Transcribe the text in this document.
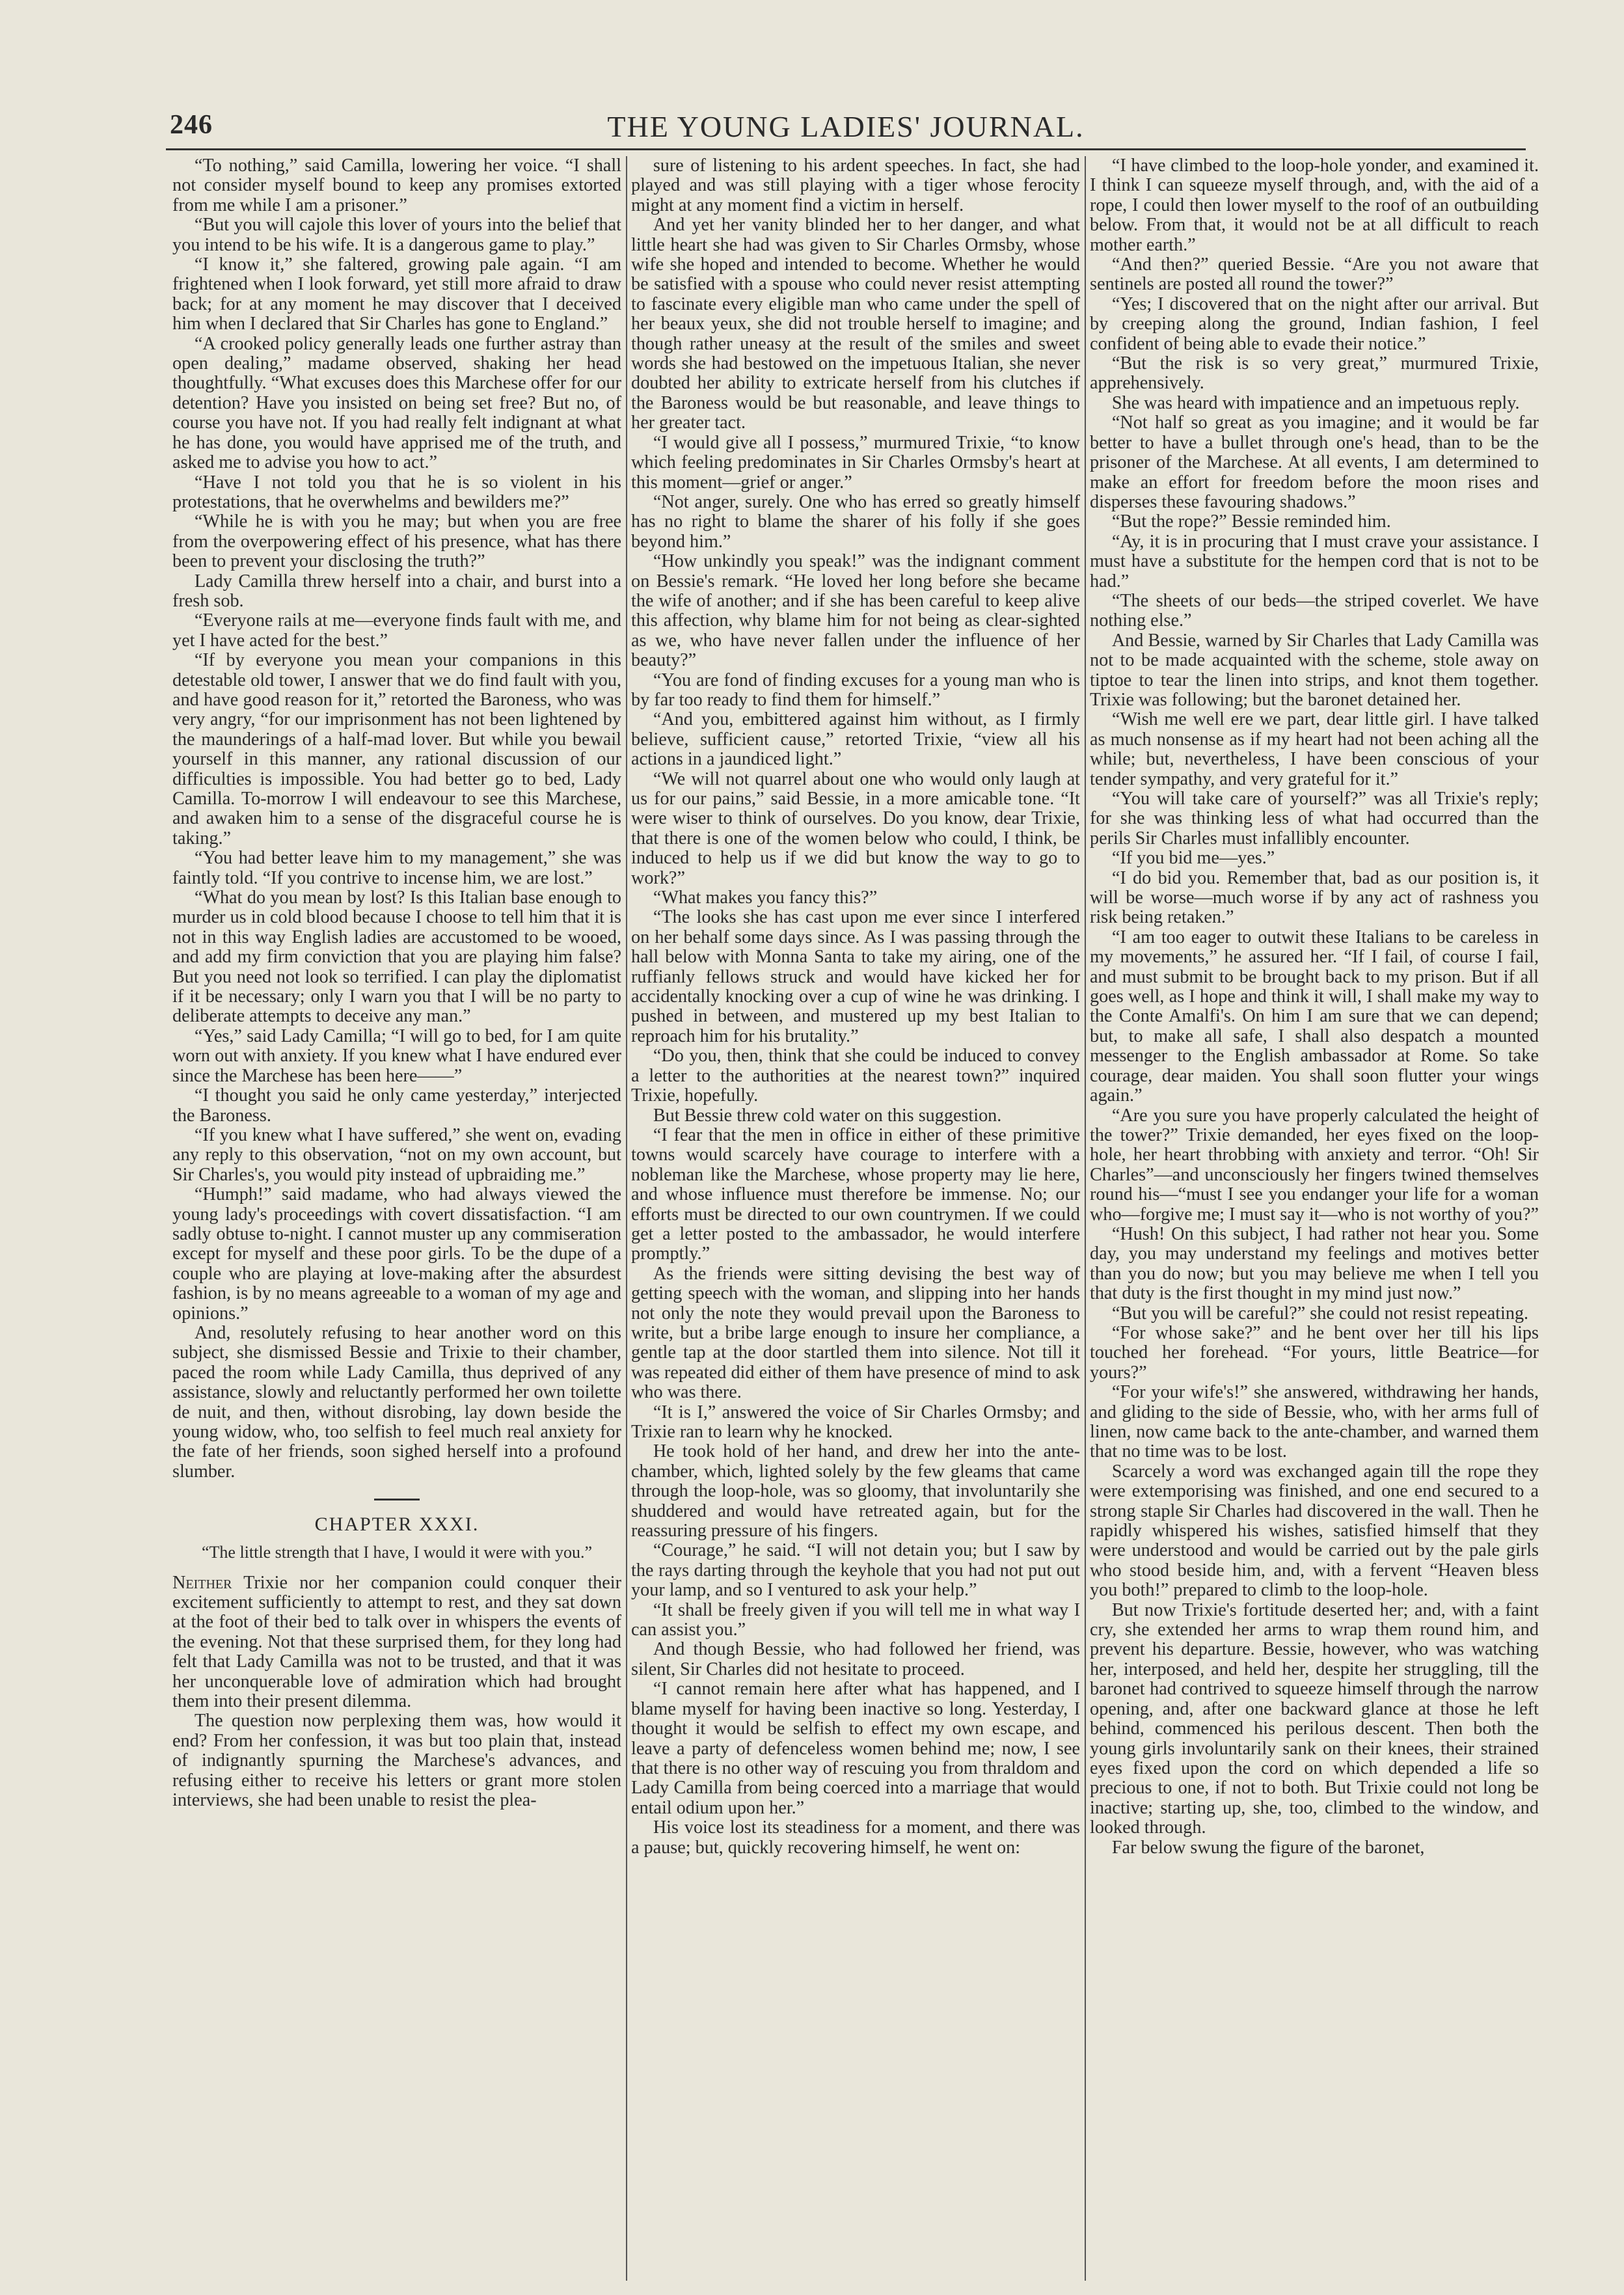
246	THE YOUNG LADIES' JOURNAL.

“To nothing,” said Camilla, lowering her voice. “I shall not consider myself bound to keep any promises extorted from me while I am a prisoner.”

“But you will cajole this lover of yours into the belief that you intend to be his wife. It is a dangerous game to play.”

“I know it,” she faltered, growing pale again. “I am frightened when I look forward, yet still more afraid to draw back; for at any moment he may discover that I deceived him when I declared that Sir Charles has gone to England.”

“A crooked policy generally leads one further astray than open dealing,” madame observed, shaking her head thoughtfully. “What excuses does this Marchese offer for our detention? Have you insisted on being set free? But no, of course you have not. If you had really felt indignant at what he has done, you would have apprised me of the truth, and asked me to advise you how to act.”

“Have I not told you that he is so violent in his protestations, that he overwhelms and bewilders me?”

“While he is with you he may; but when you are free from the overpowering effect of his presence, what has there been to prevent your disclosing the truth?”

Lady Camilla threw herself into a chair, and burst into a fresh sob.

“Everyone rails at me—everyone finds fault with me, and yet I have acted for the best.”

“If by everyone you mean your companions in this detestable old tower, I answer that we do find fault with you, and have good reason for it,” retorted the Baroness, who was very angry, “for our imprisonment has not been lightened by the maunderings of a half-mad lover. But while you bewail yourself in this manner, any rational discussion of our difficulties is impossible. You had better go to bed, Lady Camilla. To-morrow I will endeavour to see this Marchese, and awaken him to a sense of the disgraceful course he is taking.”

“You had better leave him to my management,” she was faintly told. “If you contrive to incense him, we are lost.”

“What do you mean by lost? Is this Italian base enough to murder us in cold blood because I choose to tell him that it is not in this way English ladies are accustomed to be wooed, and add my firm conviction that you are playing him false? But you need not look so terrified. I can play the diplomatist if it be necessary; only I warn you that I will be no party to deliberate attempts to deceive any man.”

“Yes,” said Lady Camilla; “I will go to bed, for I am quite worn out with anxiety. If you knew what I have endured ever since the Marchese has been here——”

“I thought you said he only came yesterday,” interjected the Baroness.

“If you knew what I have suffered,” she went on, evading any reply to this observation, “not on my own account, but Sir Charles's, you would pity instead of upbraiding me.”

“Humph!” said madame, who had always viewed the young lady's proceedings with covert dissatisfaction. “I am sadly obtuse to-night. I cannot muster up any commiseration except for myself and these poor girls. To be the dupe of a couple who are playing at love-making after the absurdest fashion, is by no means agreeable to a woman of my age and opinions.”

And, resolutely refusing to hear another word on this subject, she dismissed Bessie and Trixie to their chamber, paced the room while Lady Camilla, thus deprived of any assistance, slowly and reluctantly performed her own toilette de nuit, and then, without disrobing, lay down beside the young widow, who, too selfish to feel much real anxiety for the fate of her friends, soon sighed herself into a profound slumber.

CHAPTER XXXI.
“The little strength that I have, I would it were with you.”

Neither Trixie nor her companion could conquer their excitement sufficiently to attempt to rest, and they sat down at the foot of their bed to talk over in whispers the events of the evening. Not that these surprised them, for they long had felt that Lady Camilla was not to be trusted, and that it was her unconquerable love of admiration which had brought them into their present dilemma.

The question now perplexing them was, how would it end? From her confession, it was but too plain that, instead of indignantly spurning the Marchese's advances, and refusing either to receive his letters or grant more stolen interviews, she had been unable to resist the plea-

sure of listening to his ardent speeches. In fact, she had played and was still playing with a tiger whose ferocity might at any moment find a victim in herself.

And yet her vanity blinded her to her danger, and what little heart she had was given to Sir Charles Ormsby, whose wife she hoped and intended to become. Whether he would be satisfied with a spouse who could never resist attempting to fascinate every eligible man who came under the spell of her beaux yeux, she did not trouble herself to imagine; and though rather uneasy at the result of the smiles and sweet words she had bestowed on the impetuous Italian, she never doubted her ability to extricate herself from his clutches if the Baroness would be but reasonable, and leave things to her greater tact.

“I would give all I possess,” murmured Trixie, “to know which feeling predominates in Sir Charles Ormsby's heart at this moment—grief or anger.”

“Not anger, surely. One who has erred so greatly himself has no right to blame the sharer of his folly if she goes beyond him.”

“How unkindly you speak!” was the indignant comment on Bessie's remark. “He loved her long before she became the wife of another; and if she has been careful to keep alive this affection, why blame him for not being as clear-sighted as we, who have never fallen under the influence of her beauty?”

“You are fond of finding excuses for a young man who is by far too ready to find them for himself.”

“And you, embittered against him without, as I firmly believe, sufficient cause,” retorted Trixie, “view all his actions in a jaundiced light.”

“We will not quarrel about one who would only laugh at us for our pains,” said Bessie, in a more amicable tone. “It were wiser to think of ourselves. Do you know, dear Trixie, that there is one of the women below who could, I think, be induced to help us if we did but know the way to go to work?”

“What makes you fancy this?”

“The looks she has cast upon me ever since I interfered on her behalf some days since. As I was passing through the hall below with Monna Santa to take my airing, one of the ruffianly fellows struck and would have kicked her for accidentally knocking over a cup of wine he was drinking. I pushed in between, and mustered up my best Italian to reproach him for his brutality.”

“Do you, then, think that she could be induced to convey a letter to the authorities at the nearest town?” inquired Trixie, hopefully.

But Bessie threw cold water on this suggestion.

“I fear that the men in office in either of these primitive towns would scarcely have courage to interfere with a nobleman like the Marchese, whose property may lie here, and whose influence must therefore be immense. No; our efforts must be directed to our own countrymen. If we could get a letter posted to the ambassador, he would interfere promptly.”

As the friends were sitting devising the best way of getting speech with the woman, and slipping into her hands not only the note they would prevail upon the Baroness to write, but a bribe large enough to insure her compliance, a gentle tap at the door startled them into silence. Not till it was repeated did either of them have presence of mind to ask who was there.

“It is I,” answered the voice of Sir Charles Ormsby; and Trixie ran to learn why he knocked.

He took hold of her hand, and drew her into the ante-chamber, which, lighted solely by the few gleams that came through the loop-hole, was so gloomy, that involuntarily she shuddered and would have retreated again, but for the reassuring pressure of his fingers.

“Courage,” he said. “I will not detain you; but I saw by the rays darting through the keyhole that you had not put out your lamp, and so I ventured to ask your help.”

“It shall be freely given if you will tell me in what way I can assist you.”

And though Bessie, who had followed her friend, was silent, Sir Charles did not hesitate to proceed.

“I cannot remain here after what has happened, and I blame myself for having been inactive so long. Yesterday, I thought it would be selfish to effect my own escape, and leave a party of defenceless women behind me; now, I see that there is no other way of rescuing you from thraldom and Lady Camilla from being coerced into a marriage that would entail odium upon her.”

His voice lost its steadiness for a moment, and there was a pause; but, quickly recovering himself, he went on:

“I have climbed to the loop-hole yonder, and examined it. I think I can squeeze myself through, and, with the aid of a rope, I could then lower myself to the roof of an outbuilding below. From that, it would not be at all difficult to reach mother earth.”

“And then?” queried Bessie. “Are you not aware that sentinels are posted all round the tower?”

“Yes; I discovered that on the night after our arrival. But by creeping along the ground, Indian fashion, I feel confident of being able to evade their notice.”

“But the risk is so very great,” murmured Trixie, apprehensively.

She was heard with impatience and an impetuous reply.

“Not half so great as you imagine; and it would be far better to have a bullet through one's head, than to be the prisoner of the Marchese. At all events, I am determined to make an effort for freedom before the moon rises and disperses these favouring shadows.”

“But the rope?” Bessie reminded him.

“Ay, it is in procuring that I must crave your assistance. I must have a substitute for the hempen cord that is not to be had.”

“The sheets of our beds—the striped coverlet. We have nothing else.”

And Bessie, warned by Sir Charles that Lady Camilla was not to be made acquainted with the scheme, stole away on tiptoe to tear the linen into strips, and knot them together. Trixie was following; but the baronet detained her.

“Wish me well ere we part, dear little girl. I have talked as much nonsense as if my heart had not been aching all the while; but, nevertheless, I have been conscious of your tender sympathy, and very grateful for it.”

“You will take care of yourself?” was all Trixie's reply; for she was thinking less of what had occurred than the perils Sir Charles must infallibly encounter.

“If you bid me—yes.”

“I do bid you. Remember that, bad as our position is, it will be worse—much worse if by any act of rashness you risk being retaken.”

“I am too eager to outwit these Italians to be careless in my movements,” he assured her. “If I fail, of course I fail, and must submit to be brought back to my prison. But if all goes well, as I hope and think it will, I shall make my way to the Conte Amalfi's. On him I am sure that we can depend; but, to make all safe, I shall also despatch a mounted messenger to the English ambassador at Rome. So take courage, dear maiden. You shall soon flutter your wings again.”

“Are you sure you have properly calculated the height of the tower?” Trixie demanded, her eyes fixed on the loop-hole, her heart throbbing with anxiety and terror. “Oh! Sir Charles”—and unconsciously her fingers twined themselves round his—“must I see you endanger your life for a woman who—forgive me; I must say it—who is not worthy of you?”

“Hush! On this subject, I had rather not hear you. Some day, you may understand my feelings and motives better than you do now; but you may believe me when I tell you that duty is the first thought in my mind just now.”

“But you will be careful?” she could not resist repeating.

“For whose sake?” and he bent over her till his lips touched her forehead. “For yours, little Beatrice—for yours?”

“For your wife's!” she answered, withdrawing her hands, and gliding to the side of Bessie, who, with her arms full of linen, now came back to the ante-chamber, and warned them that no time was to be lost.

Scarcely a word was exchanged again till the rope they were extemporising was finished, and one end secured to a strong staple Sir Charles had discovered in the wall. Then he rapidly whispered his wishes, satisfied himself that they were understood and would be carried out by the pale girls who stood beside him, and, with a fervent “Heaven bless you both!” prepared to climb to the loop-hole.

But now Trixie's fortitude deserted her; and, with a faint cry, she extended her arms to wrap them round him, and prevent his departure. Bessie, however, who was watching her, interposed, and held her, despite her struggling, till the baronet had contrived to squeeze himself through the narrow opening, and, after one backward glance at those he left behind, commenced his perilous descent. Then both the young girls involuntarily sank on their knees, their strained eyes fixed upon the cord on which depended a life so precious to one, if not to both. But Trixie could not long be inactive; starting up, she, too, climbed to the window, and looked through.

Far below swung the figure of the baronet,
